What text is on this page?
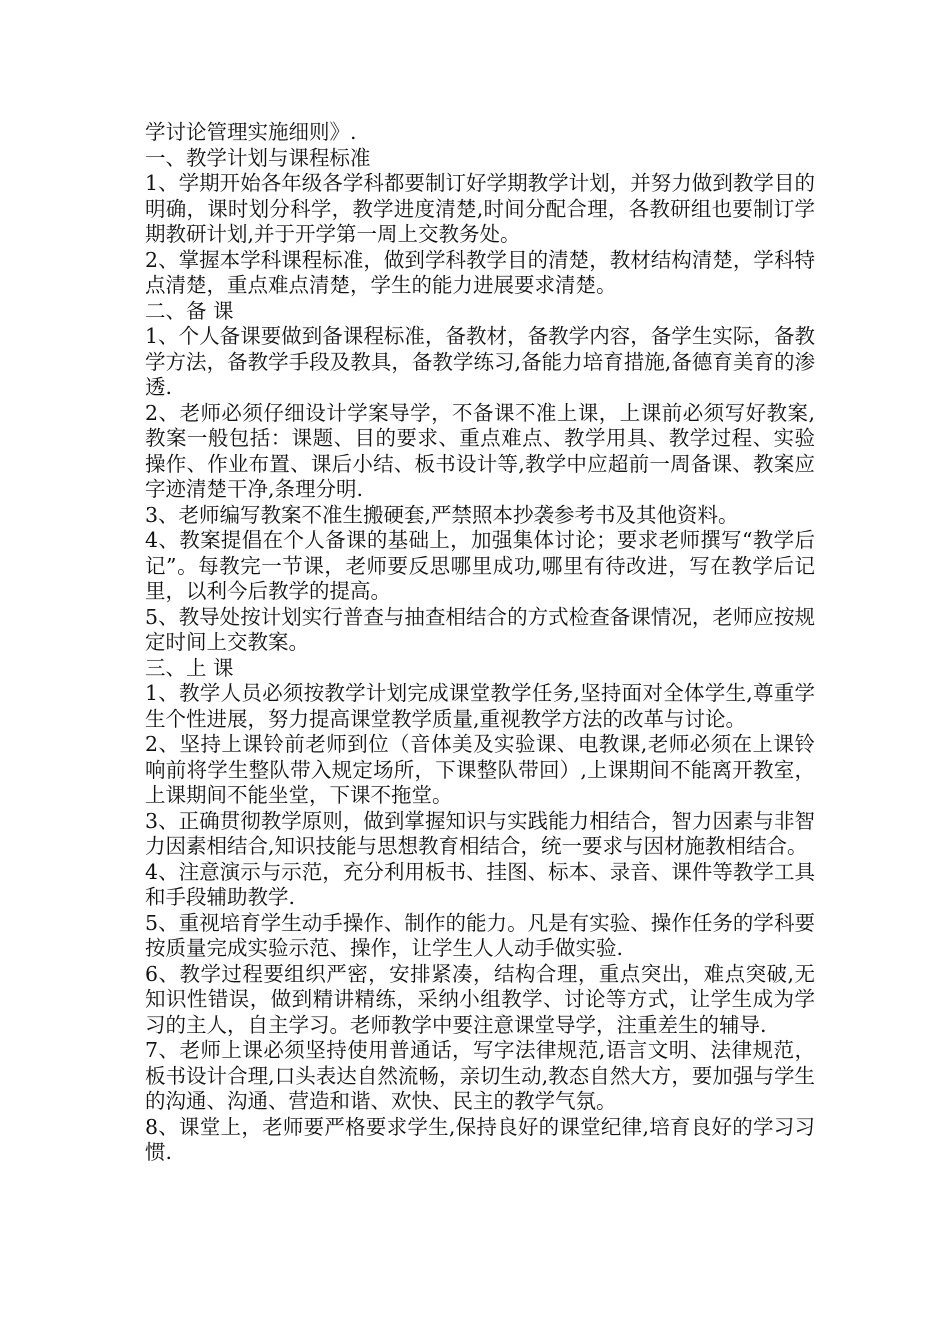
学讨论管理实施细则》.

一、教学计划与课程标准

1、学期开始各年级各学科都要制订好学期教学计划，并努力做到教学目的明确，课时划分科学，教学进度清楚,时间分配合理，各教研组也要制订学期教研计划,并于开学第一周上交教务处。

2、掌握本学科课程标准，做到学科教学目的清楚，教材结构清楚，学科特点清楚，重点难点清楚，学生的能力进展要求清楚。

二、备 课

1、个人备课要做到备课程标准，备教材，备教学内容，备学生实际，备教学方法，备教学手段及教具，备教学练习,备能力培育措施,备德育美育的渗透.

2、老师必须仔细设计学案导学，不备课不准上课，上课前必须写好教案,教案一般包括：课题、目的要求、重点难点、教学用具、教学过程、实验操作、作业布置、课后小结、板书设计等,教学中应超前一周备课、教案应字迹清楚干净,条理分明.

3、老师编写教案不准生搬硬套,严禁照本抄袭参考书及其他资料。

4、教案提倡在个人备课的基础上，加强集体讨论；要求老师撰写“教学后记”。每教完一节课，老师要反思哪里成功,哪里有待改进，写在教学后记里，以利今后教学的提高。

5、教导处按计划实行普查与抽查相结合的方式检查备课情况，老师应按规定时间上交教案。

三、上 课

1、教学人员必须按教学计划完成课堂教学任务,坚持面对全体学生,尊重学生个性进展，努力提高课堂教学质量,重视教学方法的改革与讨论。

2、坚持上课铃前老师到位（音体美及实验课、电教课,老师必须在上课铃响前将学生整队带入规定场所，下课整队带回）,上课期间不能离开教室，上课期间不能坐堂，下课不拖堂。

3、正确贯彻教学原则，做到掌握知识与实践能力相结合，智力因素与非智力因素相结合,知识技能与思想教育相结合，统一要求与因材施教相结合。

4、注意演示与示范，充分利用板书、挂图、标本、录音、课件等教学工具和手段辅助教学.

5、重视培育学生动手操作、制作的能力。凡是有实验、操作任务的学科要按质量完成实验示范、操作，让学生人人动手做实验.

6、教学过程要组织严密，安排紧凑，结构合理，重点突出，难点突破,无知识性错误，做到精讲精练，采纳小组教学、讨论等方式，让学生成为学习的主人，自主学习。老师教学中要注意课堂导学，注重差生的辅导.

7、老师上课必须坚持使用普通话，写字法律规范,语言文明、法律规范，板书设计合理,口头表达自然流畅，亲切生动,教态自然大方，要加强与学生的沟通、沟通、营造和谐、欢快、民主的教学气氛。

8、课堂上，老师要严格要求学生,保持良好的课堂纪律,培育良好的学习习惯.
